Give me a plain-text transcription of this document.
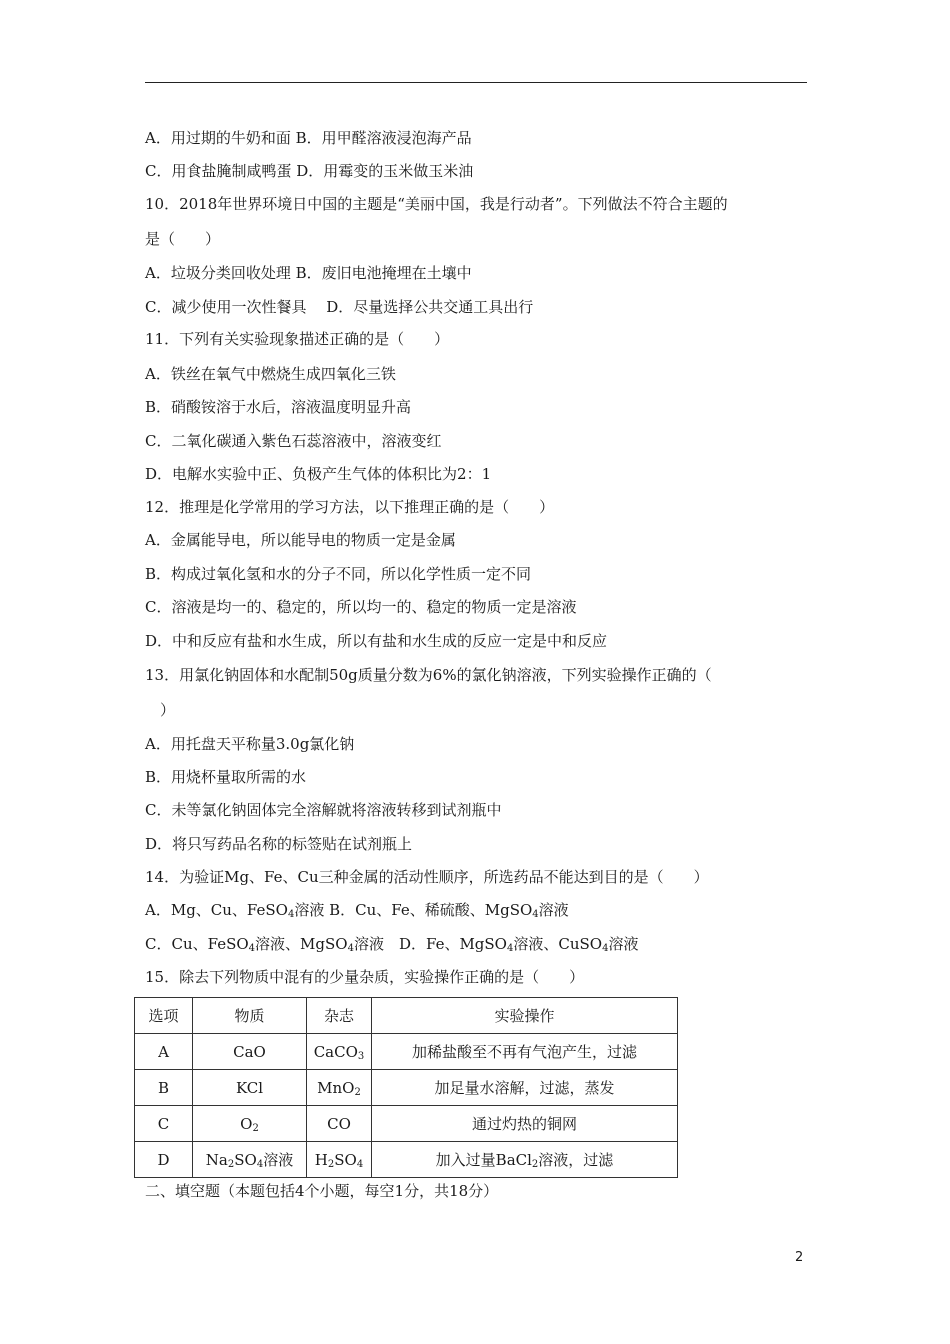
A．用过期的牛奶和面 B．用甲醛溶液浸泡海产品
C．用食盐腌制咸鸭蛋 D．用霉变的玉米做玉米油
10．2018年世界环境日中国的主题是“美丽中国，我是行动者”。下列做法不符合主题的
是（　　）
A．垃圾分类回收处理 B．废旧电池掩埋在土壤中
C．减少使用一次性餐具　 D．尽量选择公共交通工具出行
11．下列有关实验现象描述正确的是（　　）
A．铁丝在氧气中燃烧生成四氧化三铁
B．硝酸铵溶于水后，溶液温度明显升高
C．二氧化碳通入紫色石蕊溶液中，溶液变红
D．电解水实验中正、负极产生气体的体积比为2：1
12．推理是化学常用的学习方法，以下推理正确的是（　　）
A．金属能导电，所以能导电的物质一定是金属
B．构成过氧化氢和水的分子不同，所以化学性质一定不同
C．溶液是均一的、稳定的，所以均一的、稳定的物质一定是溶液
D．中和反应有盐和水生成，所以有盐和水生成的反应一定是中和反应
13．用氯化钠固体和水配制50g质量分数为6%的氯化钠溶液，下列实验操作正确的（
　）
A．用托盘天平称量3.0g氯化钠
B．用烧杯量取所需的水
C．未等氯化钠固体完全溶解就将溶液转移到试剂瓶中
D．将只写药品名称的标签贴在试剂瓶上
14．为验证Mg、Fe、Cu三种金属的活动性顺序，所选药品不能达到目的是（　　）
A．Mg、Cu、FeSO$_4$溶液 B．Cu、Fe、稀硫酸、MgSO$_4$溶液
C．Cu、FeSO$_4$溶液、MgSO$_4$溶液　D．Fe、MgSO$_4$溶液、CuSO$_4$溶液
15．除去下列物质中混有的少量杂质，实验操作正确的是（　　）
选项	物质	杂志	实验操作
A	CaO	CaCO$_3$	加稀盐酸至不再有气泡产生，过滤
B	KCl	MnO$_2$	加足量水溶解，过滤，蒸发
C	$O_2$	CO	通过灼热的铜网
D	$Na_2SO_4$溶液	$H_2SO_4$	加入过量BaCl$_2$溶液，过滤
二、填空题（本题包括4个小题，每空1分，共18分）
2
